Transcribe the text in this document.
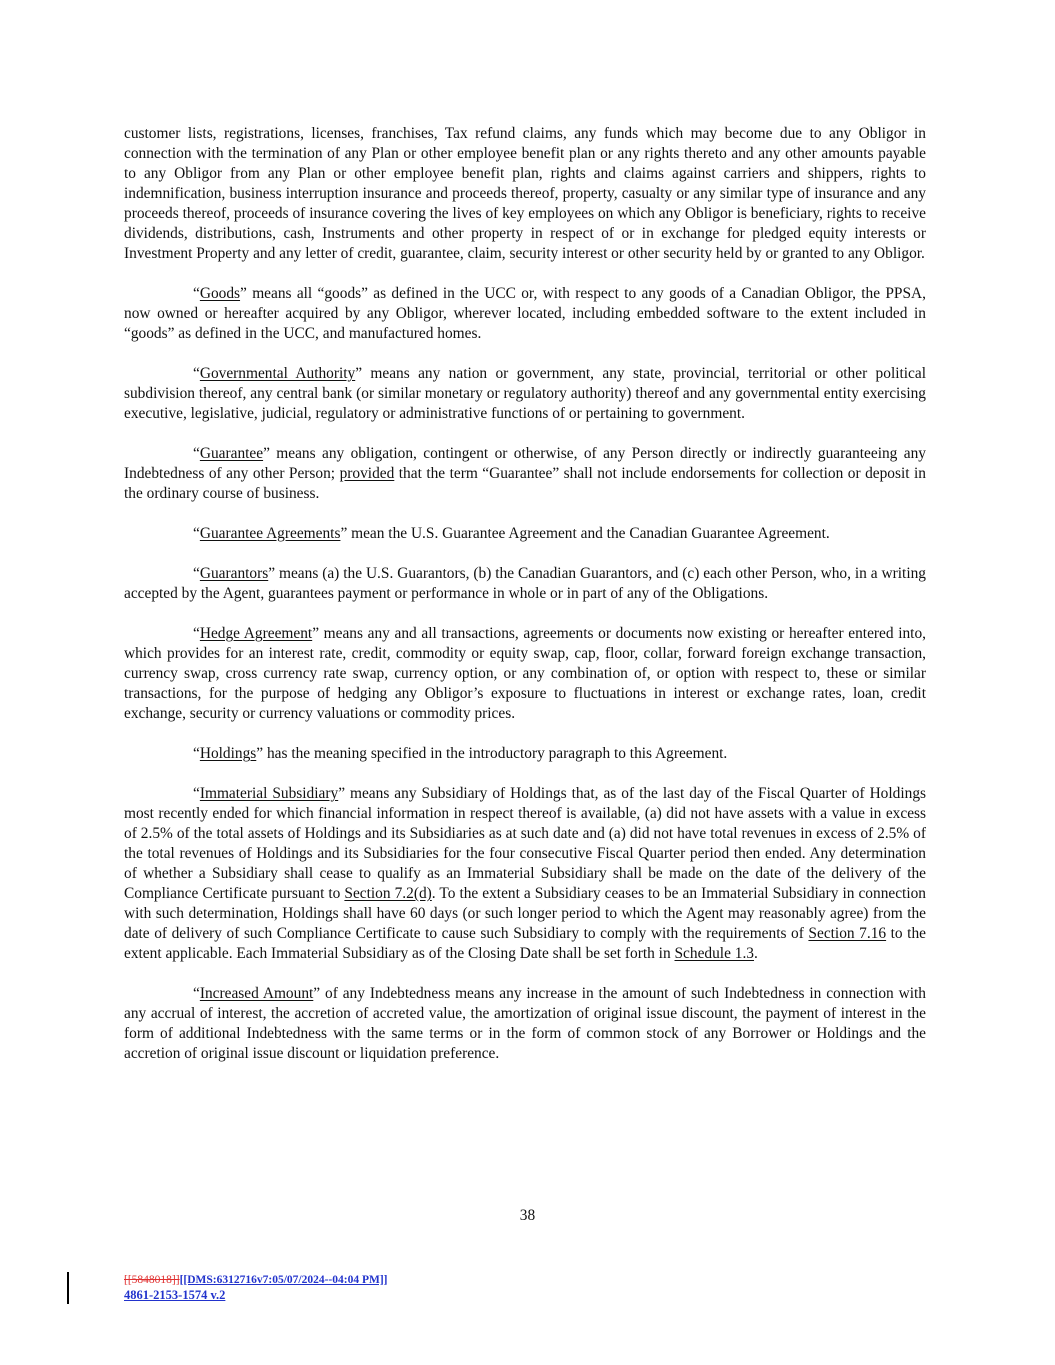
customer lists, registrations, licenses, franchises, Tax refund claims, any funds which may become due to any Obligor in connection with the termination of any Plan or other employee benefit plan or any rights thereto and any other amounts payable to any Obligor from any Plan or other employee benefit plan, rights and claims against carriers and shippers, rights to indemnification, business interruption insurance and proceeds thereof, property, casualty or any similar type of insurance and any proceeds thereof, proceeds of insurance covering the lives of key employees on which any Obligor is beneficiary, rights to receive dividends, distributions, cash, Instruments and other property in respect of or in exchange for pledged equity interests or Investment Property and any letter of credit, guarantee, claim, security interest or other security held by or granted to any Obligor.

“Goods” means all “goods” as defined in the UCC or, with respect to any goods of a Canadian Obligor, the PPSA, now owned or hereafter acquired by any Obligor, wherever located, including embedded software to the extent included in “goods” as defined in the UCC, and manufactured homes.

“Governmental Authority” means any nation or government, any state, provincial, territorial or other political subdivision thereof, any central bank (or similar monetary or regulatory authority) thereof and any governmental entity exercising executive, legislative, judicial, regulatory or administrative functions of or pertaining to government.

“Guarantee” means any obligation, contingent or otherwise, of any Person directly or indirectly guaranteeing any Indebtedness of any other Person; provided that the term “Guarantee” shall not include endorsements for collection or deposit in the ordinary course of business.

“Guarantee Agreements” mean the U.S. Guarantee Agreement and the Canadian Guarantee Agreement.

“Guarantors” means (a) the U.S. Guarantors, (b) the Canadian Guarantors, and (c) each other Person, who, in a writing accepted by the Agent, guarantees payment or performance in whole or in part of any of the Obligations.

“Hedge Agreement” means any and all transactions, agreements or documents now existing or hereafter entered into, which provides for an interest rate, credit, commodity or equity swap, cap, floor, collar, forward foreign exchange transaction, currency swap, cross currency rate swap, currency option, or any combination of, or option with respect to, these or similar transactions, for the purpose of hedging any Obligor’s exposure to fluctuations in interest or exchange rates, loan, credit exchange, security or currency valuations or commodity prices.

“Holdings” has the meaning specified in the introductory paragraph to this Agreement.

“Immaterial Subsidiary” means any Subsidiary of Holdings that, as of the last day of the Fiscal Quarter of Holdings most recently ended for which financial information in respect thereof is available, (a) did not have assets with a value in excess of 2.5% of the total assets of Holdings and its Subsidiaries as at such date and (a) did not have total revenues in excess of 2.5% of the total revenues of Holdings and its Subsidiaries for the four consecutive Fiscal Quarter period then ended. Any determination of whether a Subsidiary shall cease to qualify as an Immaterial Subsidiary shall be made on the date of the delivery of the Compliance Certificate pursuant to Section 7.2(d). To the extent a Subsidiary ceases to be an Immaterial Subsidiary in connection with such determination, Holdings shall have 60 days (or such longer period to which the Agent may reasonably agree) from the date of delivery of such Compliance Certificate to cause such Subsidiary to comply with the requirements of Section 7.16 to the extent applicable. Each Immaterial Subsidiary as of the Closing Date shall be set forth in Schedule 1.3.

“Increased Amount” of any Indebtedness means any increase in the amount of such Indebtedness in connection with any accrual of interest, the accretion of accreted value, the amortization of original issue discount, the payment of interest in the form of additional Indebtedness with the same terms or in the form of common stock of any Borrower or Holdings and the accretion of original issue discount or liquidation preference.

38
[[5848018]][[DMS:6312716v7:05/07/2024--04:04 PM]]
4861-2153-1574 v.2
